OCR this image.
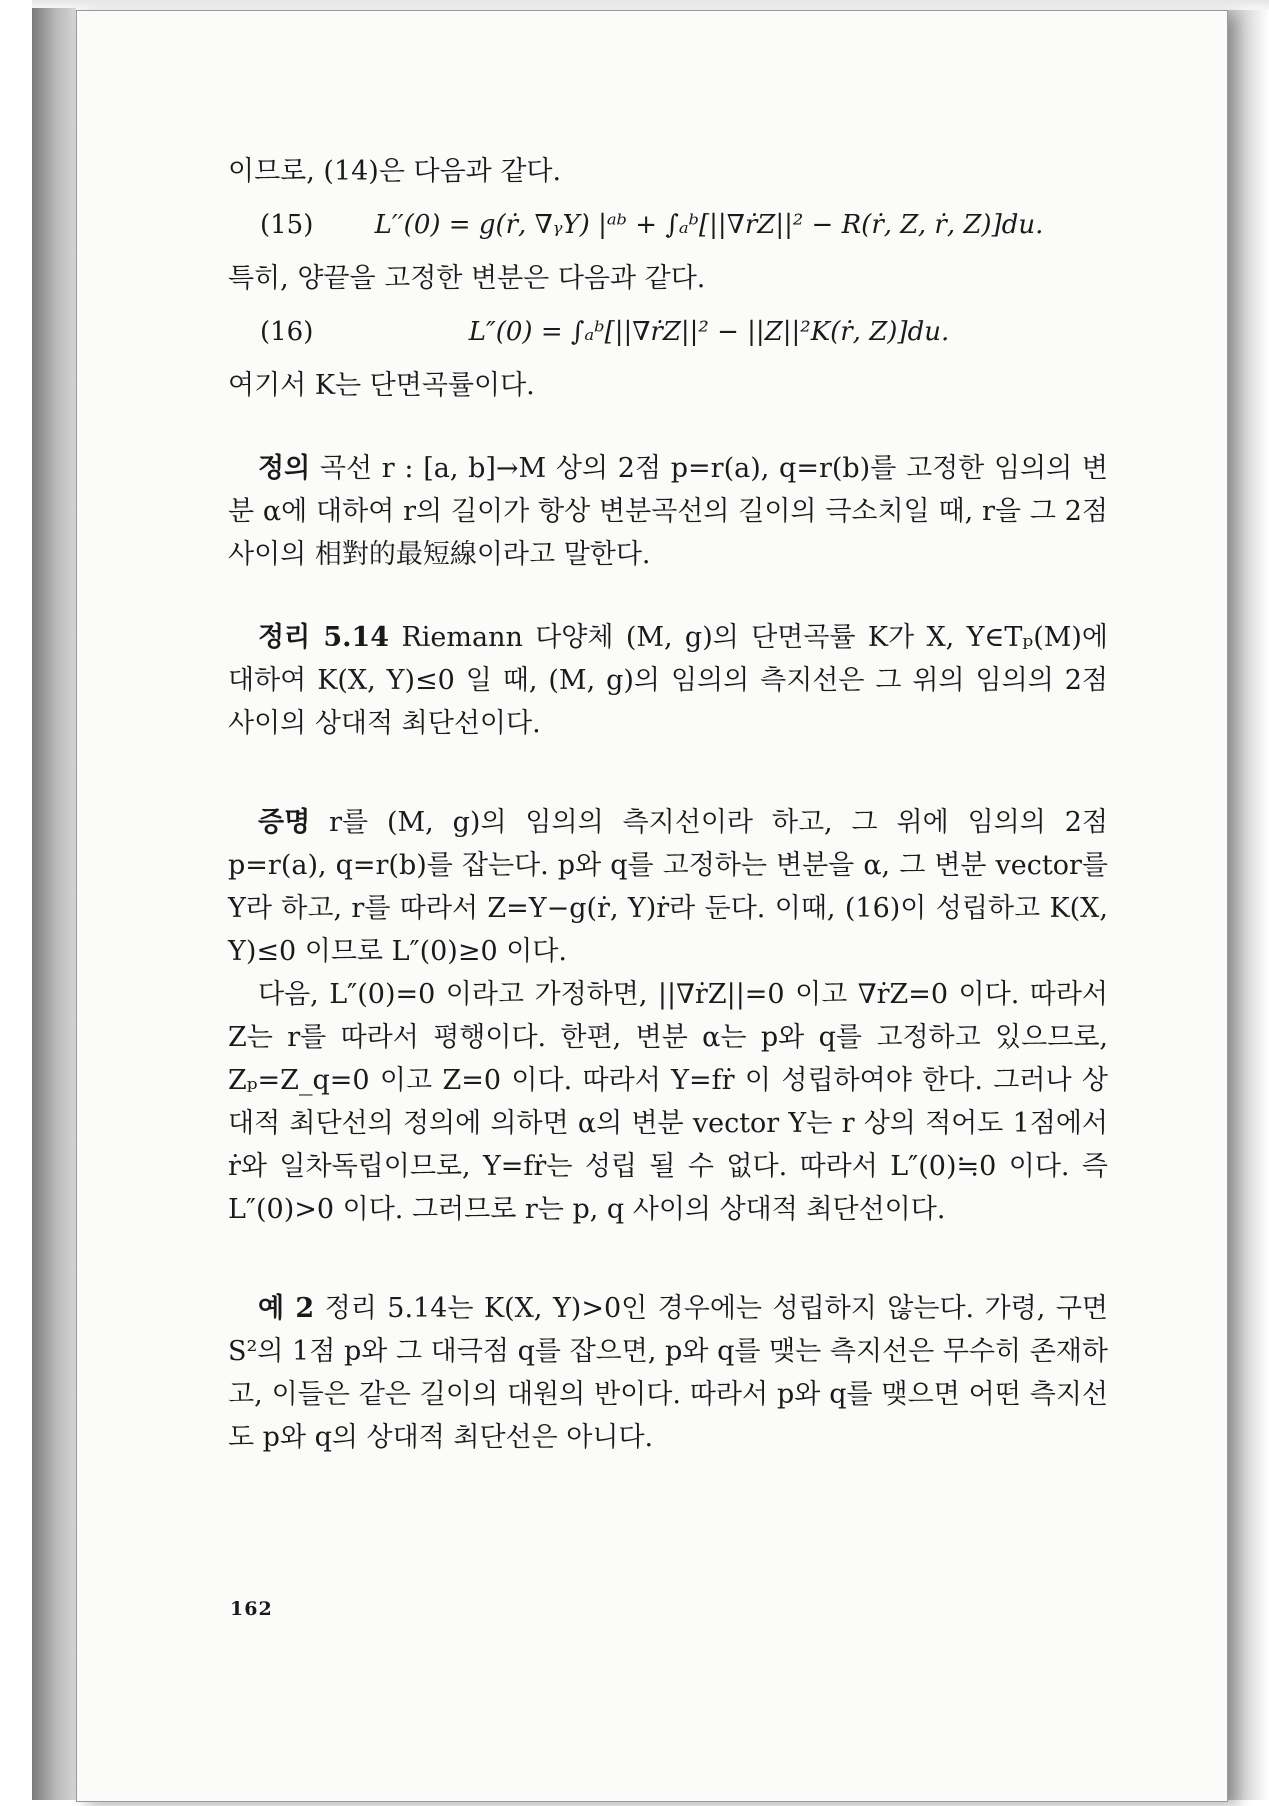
이므로, (14)은 다음과 같다.

(15)	L′′(0) = g(ṙ, ∇ᵧY) |ᵃᵇ + ∫ₐᵇ[||∇ṙZ||² − R(ṙ, Z, ṙ, Z)]du.

특히, 양끝을 고정한 변분은 다음과 같다.

(16)	L″(0) = ∫ₐᵇ[||∇ṙZ||² − ||Z||²K(ṙ, Z)]du.

여기서 K는 단면곡률이다.

정의 곡선 r : [a, b]→M 상의 2점 p=r(a), q=r(b)를 고정한 임의의 변분 α에 대하여 r의 길이가 항상 변분곡선의 길이의 극소치일 때, r을 그 2점 사이의 相對的最短線이라고 말한다.

정리 5.14 Riemann 다양체 (M, g)의 단면곡률 K가 X, Y∈Tₚ(M)에 대하여 K(X, Y)≤0 일 때, (M, g)의 임의의 측지선은 그 위의 임의의 2점 사이의 상대적 최단선이다.

증명 r를 (M, g)의 임의의 측지선이라 하고, 그 위에 임의의 2점 p=r(a), q=r(b)를 잡는다. p와 q를 고정하는 변분을 α, 그 변분 vector를 Y라 하고, r를 따라서 Z=Y−g(ṙ, Y)ṙ라 둔다. 이때, (16)이 성립하고 K(X, Y)≤0 이므로 L″(0)≥0 이다.

다음, L″(0)=0 이라고 가정하면, ||∇ṙZ||=0 이고 ∇ṙZ=0 이다. 따라서 Z는 r를 따라서 평행이다. 한편, 변분 α는 p와 q를 고정하고 있으므로, Zₚ=Z_q=0 이고 Z=0 이다. 따라서 Y=fṙ 이 성립하여야 한다. 그러나 상대적 최단선의 정의에 의하면 α의 변분 vector Y는 r 상의 적어도 1점에서 ṙ와 일차독립이므로, Y=fṙ는 성립 될 수 없다. 따라서 L″(0)≒0 이다. 즉 L″(0)>0 이다. 그러므로 r는 p, q 사이의 상대적 최단선이다.

예 2 정리 5.14는 K(X, Y)>0인 경우에는 성립하지 않는다. 가령, 구면 S²의 1점 p와 그 대극점 q를 잡으면, p와 q를 맺는 측지선은 무수히 존재하고, 이들은 같은 길이의 대원의 반이다. 따라서 p와 q를 맺으면 어떤 측지선도 p와 q의 상대적 최단선은 아니다.

162
